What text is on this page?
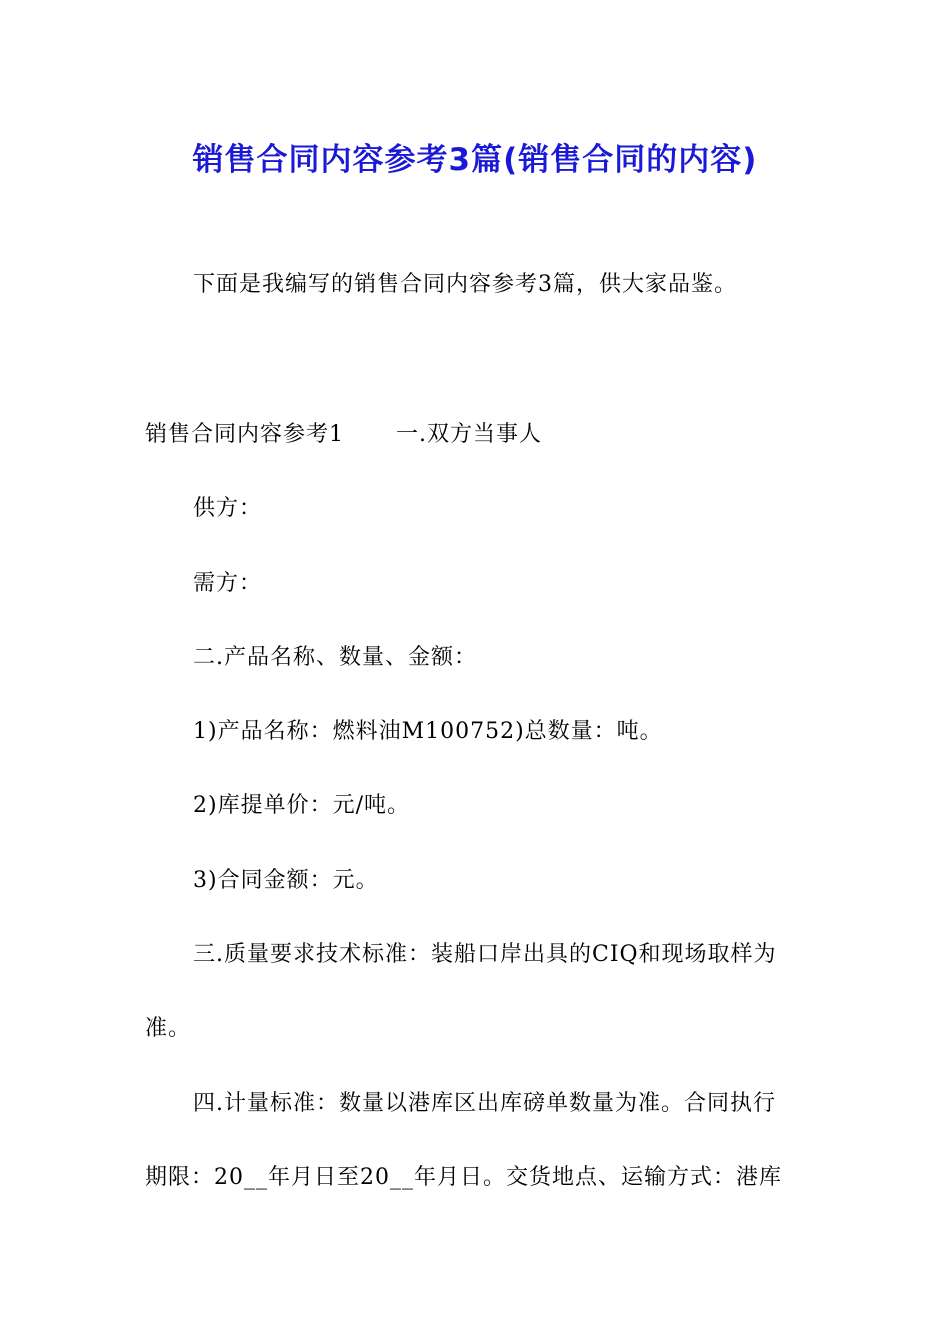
销售合同内容参考3篇(销售合同的内容)
下面是我编写的销售合同内容参考3篇，供大家品鉴。
销售合同内容参考1 一.双方当事人
供方：
需方：
二.产品名称、数量、金额：
1)产品名称：燃料油M100752)总数量：吨。
2)库提单价：元/吨。
3)合同金额：元。
三.质量要求技术标准：装船口岸出具的CIQ和现场取样为
准。
四.计量标准：数量以港库区出库磅单数量为准。合同执行
期限：20__年月日至20__年月日。交货地点、运输方式：港库
